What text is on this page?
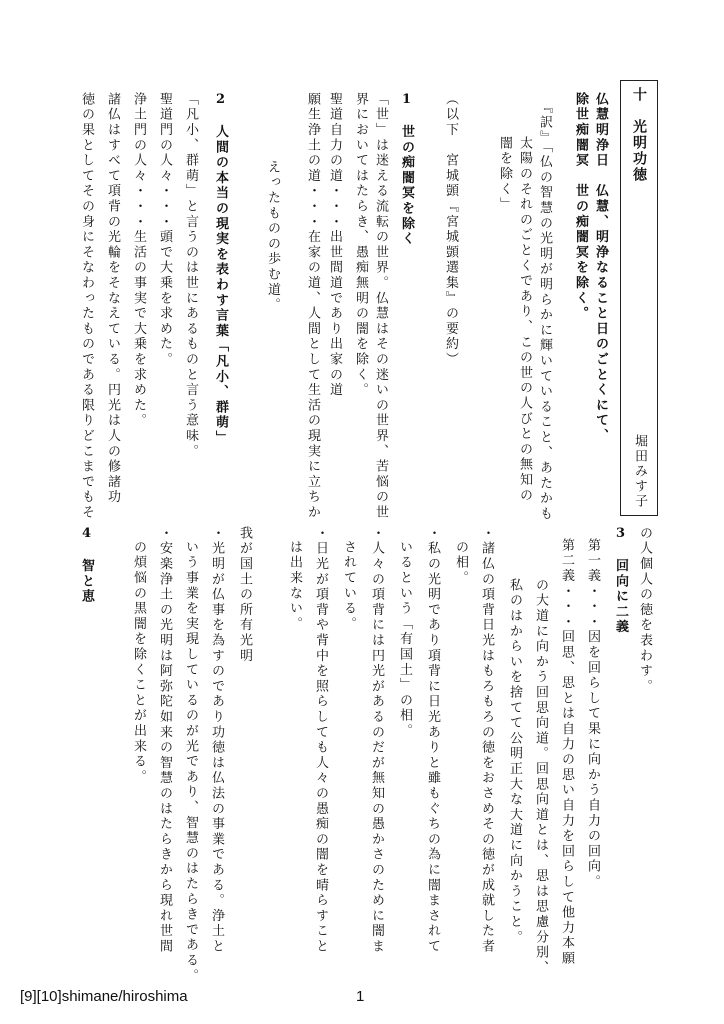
十　光明功徳
堀田みす子
仏慧明浄日　仏慧、明浄なること日のごとくにて、
除世痴闇冥　世の痴闇冥を除く。
『訳』「仏の智慧の光明が明らかに輝いていること、あたかも
太陽のそれのごとくであり、この世の人びとの無知の
闇を除く」
（以下　宮城顗『宮城顗選集』の要約）
1　世の痴闇冥を除く
「世」は迷える流転の世界。仏慧はその迷いの世界、苦悩の世
界においてはたらき、愚痴無明の闇を除く。
聖道自力の道・・・出世間道であり出家の道
願生浄土の道・・・在家の道、人間として生活の現実に立ちか
えったものの歩む道。
2　人間の本当の現実を表わす言葉「凡小、群萌」
「凡小、群萌」と言うのは世にあるものと言う意味。
聖道門の人々・・・頭で大乗を求めた。
浄土門の人々・・・生活の事実で大乗を求めた。
諸仏はすべて項背の光輪をそなえている。円光は人の修諸功
徳の果としてその身にそなわったものである限りどこまでもそ
の人個人の徳を表わす。
3　回向に二義
第一義・・・因を回らして果に向かう自力の回向。
第二義・・・回思、思とは自力の思い自力を回らして他力本願
の大道に向かう回思向道。回思向道とは、思は思慮分別、
私のはからいを捨てて公明正大な大道に向かうこと。
・諸仏の項背日光はもろもろの徳をおさめその徳が成就した者
の相。
・私の光明であり項背に日光ありと雖もぐちの為に闇まされて
いるという「有国土」の相。
・人々の項背には円光があるのだが無知の愚かさのために闇ま
されている。
・日光が項背や背中を照らしても人々の愚痴の闇を晴らすこと
は出来ない。
我が国土の所有光明
・光明が仏事を為すのであり功徳は仏法の事業である。浄土と
いう事業を実現しているのが光であり、智慧のはたらきである。
・安楽浄土の光明は阿弥陀如来の智慧のはたらきから現れ世間
の煩悩の黒闇を除くことが出来る。
4　智と恵
[9][10]shimane/hiroshima	1
